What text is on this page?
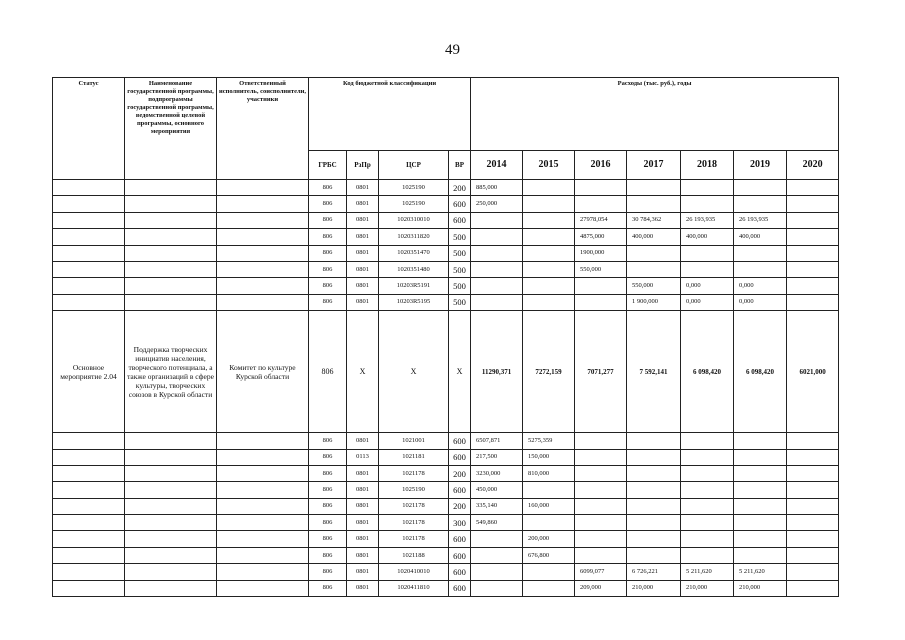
49
Статус	Наименование государственной программы, подпрограммы государственной программы, ведомственной целевой программы, основного мероприятия	Ответственный исполнитель, соисполнители, участники	Код бюджетной классификации				Расходы (тыс. руб.), годы						
			ГРБС	РзПр	ЦСР	ВР	2014	2015	2016	2017	2018	2019	2020
			806	0801	1025190	200	885,000						
			806	0801	1025190	600	250,000						
			806	0801	1020310010	600			27978,054	30 784,362	26 193,935	26 193,935	
			806	0801	1020311820	500			4875,000	400,000	400,000	400,000	
			806	0801	1020351470	500			1900,000				
			806	0801	1020351480	500			550,000				
			806	0801	10203R5191	500				550,000	0,000	0,000	
			806	0801	10203R5195	500				1 900,000	0,000	0,000	
Основное мероприятие 2.04	Поддержка творческих инициатив населения, творческого потенциала, а также организаций в сфере культуры, творческих союзов в Курской области	Комитет по культуре Курской области	806	X	X	X	11290,371	7272,159	7071,277	7 592,141	6 098,420	6 098,420	6021,000
			806	0801	1021001	600	6507,871	5275,359					
			806	0113	1021181	600	217,500	150,000					
			806	0801	1021178	200	3230,000	810,000					
			806	0801	1025190	600	450,000						
			806	0801	1021178	200	335,140	160,000					
			806	0801	1021178	300	549,860						
			806	0801	1021178	600		200,000					
			806	0801	1021188	600		676,800					
			806	0801	1020410010	600			6099,077	6 726,221	5 211,620	5 211,620	
			806	0801	1020411810	600			209,000	210,000	210,000	210,000	
